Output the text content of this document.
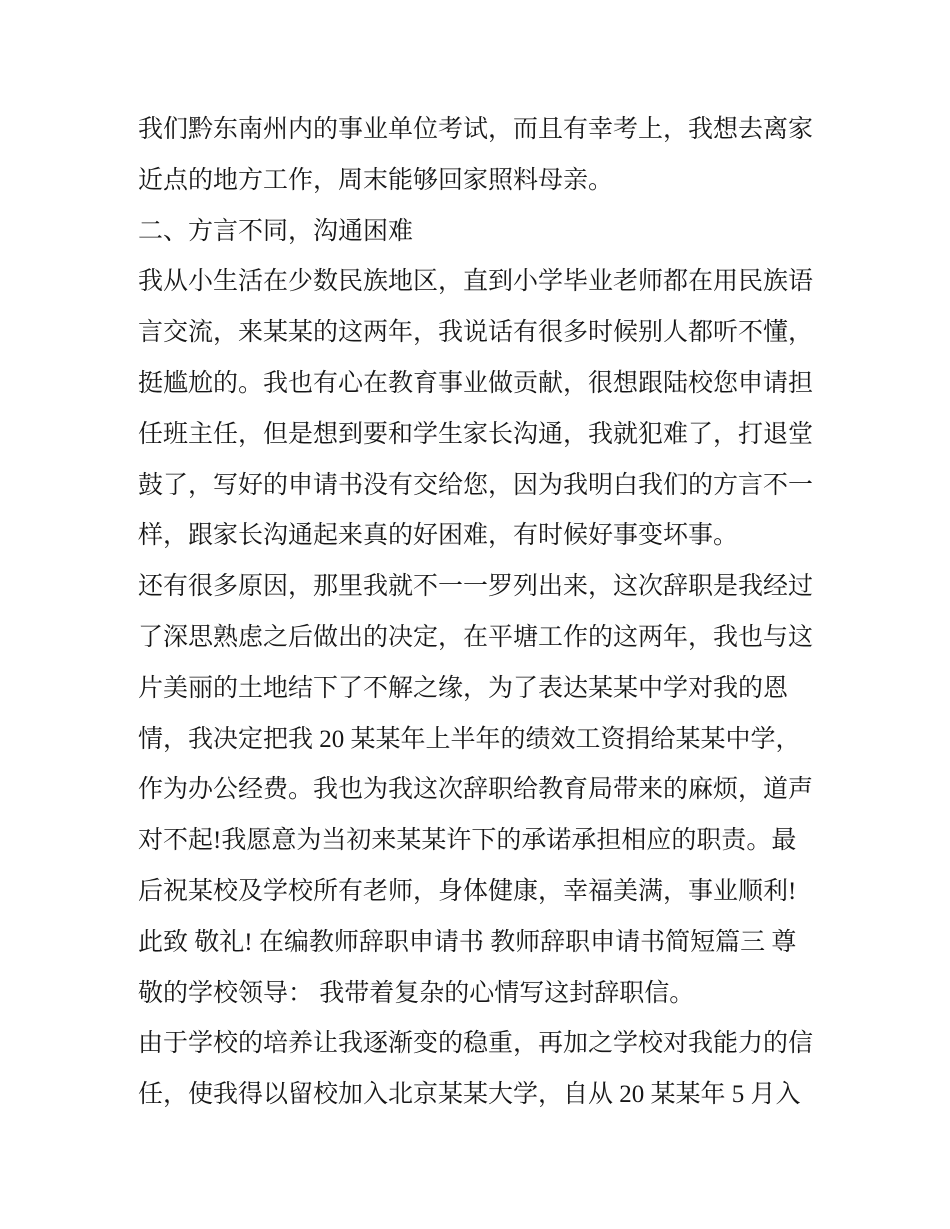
我们黔东南州内的事业单位考试，而且有幸考上，我想去离家
近点的地方工作，周末能够回家照料母亲。
二、方言不同，沟通困难
我从小生活在少数民族地区，直到小学毕业老师都在用民族语
言交流，来某某的这两年，我说话有很多时候别人都听不懂，
挺尴尬的。我也有心在教育事业做贡献，很想跟陆校您申请担
任班主任，但是想到要和学生家长沟通，我就犯难了，打退堂
鼓了，写好的申请书没有交给您，因为我明白我们的方言不一
样，跟家长沟通起来真的好困难，有时候好事变坏事。
还有很多原因，那里我就不一一罗列出来，这次辞职是我经过
了深思熟虑之后做出的决定，在平塘工作的这两年，我也与这
片美丽的土地结下了不解之缘，为了表达某某中学对我的恩
情，我决定把我 20 某某年上半年的绩效工资捐给某某中学，
作为办公经费。我也为我这次辞职给教育局带来的麻烦，道声
对不起!我愿意为当初来某某许下的承诺承担相应的职责。最
后祝某校及学校所有老师，身体健康，幸福美满，事业顺利!
此致 敬礼! 在编教师辞职申请书 教师辞职申请书简短篇三 尊
敬的学校领导： 我带着复杂的心情写这封辞职信。
由于学校的培养让我逐渐变的稳重，再加之学校对我能力的信
任，使我得以留校加入北京某某大学，自从 20 某某年 5 月入
